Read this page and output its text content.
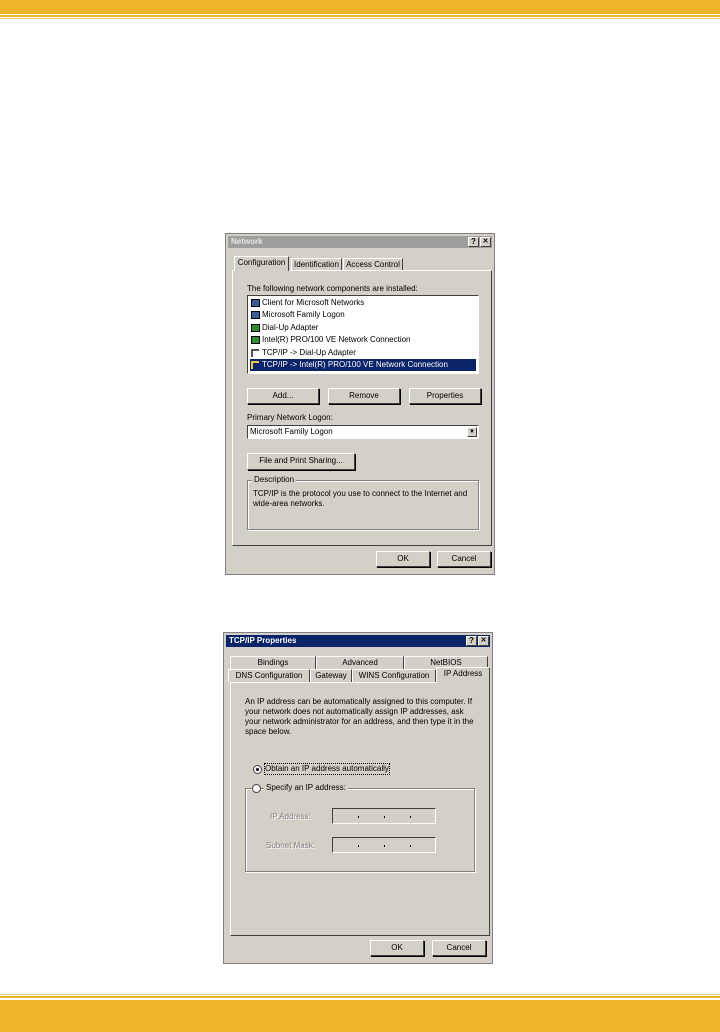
Network	? ✕
Configuration	Identification Access Control
The following network components are installed:
Client for Microsoft Networks
Microsoft Family Logon
Dial-Up Adapter
Intel(R) PRO/100 VE Network Connection
TCP/IP -> Dial-Up Adapter
TCP/IP -> Intel(R) PRO/100 VE Network Connection
Add...	Remove	Properties
Primary Network Logon:
Microsoft Family Logon	▼
File and Print Sharing...
Description
TCP/IP is the protocol you use to connect to the Internet and wide-area networks.
OK	Cancel
TCP/IP Properties	? ✕
Bindings	Advanced	NetBIOS
DNS Configuration	Gateway	WINS Configuration	IP Address
An IP address can be automatically assigned to this computer. If your network does not automatically assign IP addresses, ask your network administrator for an address, and then type it in the space below.
Obtain an IP address automatically
Specify an IP address:
IP Address:
Subnet Mask:
OK	Cancel
